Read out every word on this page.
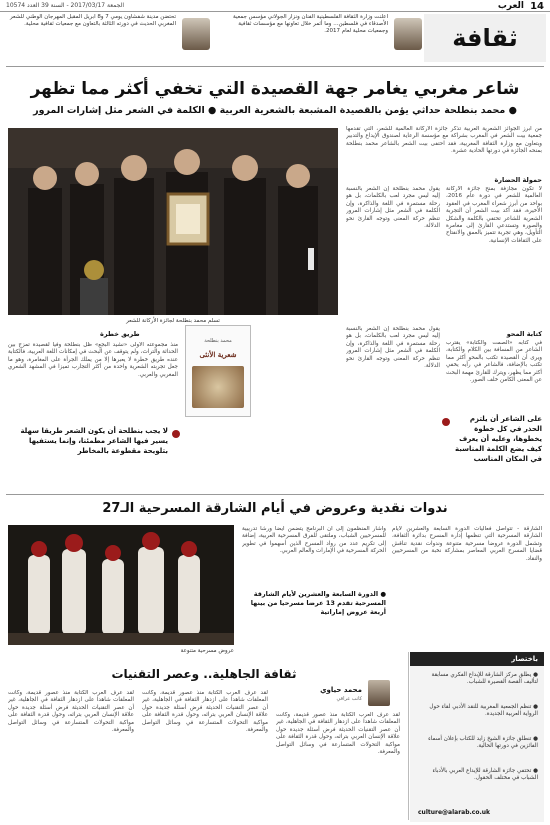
14
العرب
الجمعة 2017/03/17 - السنة 39 العدد 10574
ثقافة
أعلنت وزارة الثقافة الفلسطينية الفنان ونزار الجولاني مؤسس جمعية الأصدقاء في فلسطين... وما أثمر خلال تعاونها مع مؤسسات ثقافية وجمعيات محلية لعام 2017.
تحتضن مدينة شفشاون يومي 7 و8 أبريل المقبل المهرجان الوطني للشعر المغربي الحديث في دورته الثالثة بالتعاون مع جمعيات ثقافية محلية.
شاعر مغربي يغامر جهة القصيدة التي تخفي أكثر مما تظهر
● محمد بنطلحة حداثي يؤمن بالقصيدة المشبعة بالشعرية العربية ● الكلمة في الشعر مثل إشارات المرور
من أبرز الجوائز الشعرية العربية تذكر جائزة الأركانة العالمية للشعر، التي تقدمها جمعية بيت الشعر في المغرب بشراكة مع مؤسسة الرعاية لصندوق الإيداع والتدبير وبتعاون مع وزارة الثقافة المغربية، فقد احتفى بيت الشعر بالشاعر محمد بنطلحة بمنحه الجائزة في دورتها الحادية عشرة.
حمولة الحضارة
لا تكون مجازفة بمنح جائزة الأركانة العالمية للشعر في دورة عام 2016، بواحد من أبرز شعراء المغرب في العقود الأخيرة، فقد أكد بيت الشعر أن التجربة الشعرية للشاعر تحتفي بالكلمة والشكل والصورة وتستدعي القارئ إلى مغامرة التأويل، وهي تجربة تتميز بالعمق والانفتاح على الثقافات الإنسانية.
يقول محمد بنطلحة إن الشعر بالنسبة إليه ليس مجرد لعب بالكلمات، بل هو رحلة مستمرة في اللغة والذاكرة، وإن الكلمة في الشعر مثل إشارات المرور تنظم حركة المعنى وتوجه القارئ نحو الدلالة.
تسلم محمد بنطلحة لجائزة الأركانة للشعر
كتابة المحو
في كتابه «الصمت والكتابة» يقترب الشاعر من المسافة بين الكلام والكتابة، ويرى أن القصيدة تكتب بالمحو أكثر مما تكتب بالإضافة، فالشاعر في رأيه يخفي أكثر مما يظهر، ويترك للقارئ مهمة البحث عن المعنى الكامن خلف الصور.
على الشاعر أن يلتزم الحذر في كل خطوة يخطوها، وعليه أن يعرف كيف يضع الكلمة المناسبة في المكان المناسب
يقول محمد بنطلحة إن الشعر بالنسبة إليه ليس مجرد لعب بالكلمات، بل هو رحلة مستمرة في اللغة والذاكرة، وإن الكلمة في الشعر مثل إشارات المرور تنظم حركة المعنى وتوجه القارئ نحو الدلالة.
محمد بنطلحة
شعرية الأنثى
طريق خطرة
منذ مجموعته الأولى «نشيد البجع» ظل بنطلحة وفيا لقصيدة تمزج بين الحداثة والتراث، ولم يتوقف عن البحث في إمكانات اللغة العربية، فالكتابة عنده طريق خطرة لا يعبرها إلا من يملك الجرأة على المغامرة، وهو ما جعل تجربته الشعرية واحدة من أكثر التجارب تميزا في المشهد الشعري المغربي والعربي.
لا يجب بنطلحة أن يكون الشعر طريقا سهلة يسير فيها الشاعر مطمئنا، وإنما يستفيها بتلويحة مقطوعة بالمخاطر
ندوات نقدية وعروض في أيام الشارقة المسرحية الـ27
الشارقة - تتواصل فعاليات الدورة السابعة والعشرين لأيام الشارقة المسرحية التي تنظمها إدارة المسرح بدائرة الثقافة، وتشمل الدورة عروضا مسرحية متنوعة وندوات نقدية تناقش قضايا المسرح العربي المعاصر بمشاركة نخبة من المسرحيين والنقاد.
وأشار المنظمون إلى أن البرنامج يتضمن أيضا ورشا تدريبية للمسرحيين الشباب، وملتقى للفرق المسرحية العربية، إضافة إلى تكريم عدد من رواد المسرح الذين أسهموا في تطوير الحركة المسرحية في الإمارات والعالم العربي.
● الدورة السابعة والعشرين لأيام الشارقة المسرحية تقدم 13 عرضا مسرحيا من بينها أربعة عروض إماراتية
عروض مسرحية متنوعة
ثقافة الجاهلية.. وعصر التقنيات
محمد حياوي
كاتب عراقي
لقد عرف العرب الكتابة منذ عصور قديمة، وكانت المعلقات شاهدا على ازدهار الثقافة في الجاهلية، غير أن عصر التقنيات الحديثة فرض أسئلة جديدة حول علاقة الإنسان العربي بتراثه، وحول قدرة الثقافة على مواكبة التحولات المتسارعة في وسائل التواصل والمعرفة.
لقد عرف العرب الكتابة منذ عصور قديمة، وكانت المعلقات شاهدا على ازدهار الثقافة في الجاهلية، غير أن عصر التقنيات الحديثة فرض أسئلة جديدة حول علاقة الإنسان العربي بتراثه، وحول قدرة الثقافة على مواكبة التحولات المتسارعة في وسائل التواصل والمعرفة.
لقد عرف العرب الكتابة منذ عصور قديمة، وكانت المعلقات شاهدا على ازدهار الثقافة في الجاهلية، غير أن عصر التقنيات الحديثة فرض أسئلة جديدة حول علاقة الإنسان العربي بتراثه، وحول قدرة الثقافة على مواكبة التحولات المتسارعة في وسائل التواصل والمعرفة.
باختصار
● يطلق مركز الشارقة للإبداع الفكري مسابقة لتأليف القصة القصيرة للشباب.
● تنظم الجمعية المغربية للنقد الأدبي لقاء حول الرواية العربية الجديدة.
● تنطلق جائزة الشيخ زايد للكتاب بإعلان أسماء الفائزين في دورتها الحالية.
● تحتفي جائزة الشارقة للإبداع العربي بالأدباء الشباب في مختلف الحقول.
culture@alarab.co.uk
